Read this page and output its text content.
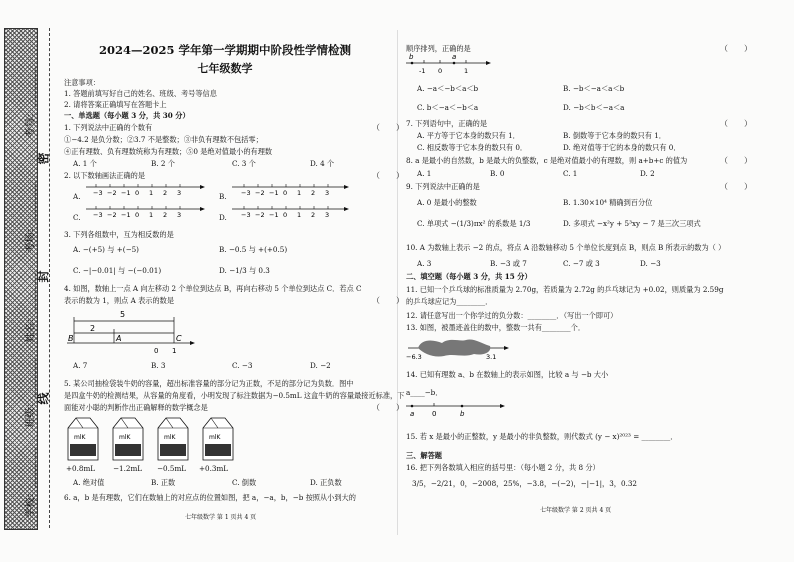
密
封
线
考号：________
考场：________
姓名：________
班级：________
学校：________
2024—2025 学年第一学期期中阶段性学情检测
七年级数学
注意事项：
1. 答题前填写好自己的姓名、班级、考号等信息
2. 请将答案正确填写在答题卡上
一、单选题（每小题 3 分，共 30 分）
1. 下列说法中正确的个数有	（　　）
①−4.2 是负分数；②3.7 不是整数；③非负有理数不包括零；
④正有理数、负有理数统称为有理数；⑤0 是绝对值最小的有理数
A. 1 个	B. 2 个	C. 3 个	D. 4 个
2. 以下数轴画法正确的是	（　　）
A.	B.
C.	D.
−3 −2 −1 0 1 2 3	−3 −2 −1 0 1 2 3
−3 −2 −1 0 1 2 3	−3 −2 −1 0 1 2 3
3. 下列各组数中，互为相反数的是
A. −(+5) 与 +(−5)	B. −0.5 与 +(+0.5)
C. −|−0.01| 与 −(−0.01)	D. −1/3 与 0.3
4. 如图，数轴上一点 A 向左移动 2 个单位到达点 B，再向右移动 5 个单位到达点 C．若点 C
表示的数为 1，则点 A 表示的数是	（　　）
5
2
B	A	C
0 1
A. 7	B. 3	C. −3	D. −2
5. 某公司抽检袋装牛奶的容量，超出标准容量的部分记为正数，不足的部分记为负数．图中
是四盒牛奶的检测结果，从容量的角度看，小明发现了标注数据为−0.5mL 这盒牛奶的容量最接近标准，下
面能对小聪的判断作出正确解释的数学概念是	（　　）
mlK	mlK	mlK	mlK
+0.8mL −1.2mL −0.5mL +0.3mL
A. 绝对值	B. 正数	C. 倒数	D. 正负数
6. a，b 是有理数，它们在数轴上的对应点的位置如图，把 a，−a，b，−b 按照从小到大的
七年级数学 第 1 页共 4 页
顺序排列，正确的是	（　　）
b	a
-1 0	1
A. −a＜−b＜a＜b	B. −b＜−a＜a＜b
C. b＜−a＜−b＜a	D. −b＜b＜−a＜a
7. 下列语句中，正确的是	（　　）
A. 平方等于它本身的数只有 1．	B. 倒数等于它本身的数只有 1．
C. 相反数等于它本身的数只有 0．	D. 绝对值等于它的本身的数只有 0．
8. a 是最小的自然数，b 是最大的负整数，c 是绝对值最小的有理数，则 a+b+c 的值为	（　　）
A. 1	B. 0	C. 1	D. 2
9. 下列说法中正确的是	（　　）
A. 0 是最小的整数	B. 1.30×10⁴ 精确到百分位
C. 单项式 −(1/3)πx² 的系数是 1/3	D. 多项式 −x²y + 5³xy − 7 是三次三项式
10. A 为数轴上表示 −2 的点，将点 A 沿数轴移动 5 个单位长度到点 B，则点 B 所表示的数为（ ）
A. 3	B. −3 或 7	C. −7 或 3	D. −3
二、填空题（每小题 3 分，共 15 分）
11. 已知一个乒乓球的标准质量为 2.70g，若质量为 2.72g 的乒乓球记为 +0.02，则质量为 2.59g
的乒乓球应记为________．
12. 请任意写出一个你学过的负分数：________．（写出一个即可）
13. 如图，被墨迹盖住的数中，整数一共有________个．
−6.3	3.1
14. 已知有理数 a、b 在数轴上的表示如图，比较 a 与 −b 大小
a____−b．
a	0	b
15. 若 x 是最小的正整数，y 是最小的非负整数，则代数式 (y − x)²⁰²³ = ________．
三、解答题
16. 把下列各数填入相应的括号里：（每小题 2 分，共 8 分）
3/5，−2/21，0，−2008，25%，−3.8，−(−2)，−|−1|，3，0.32
七年级数学 第 2 页共 4 页
